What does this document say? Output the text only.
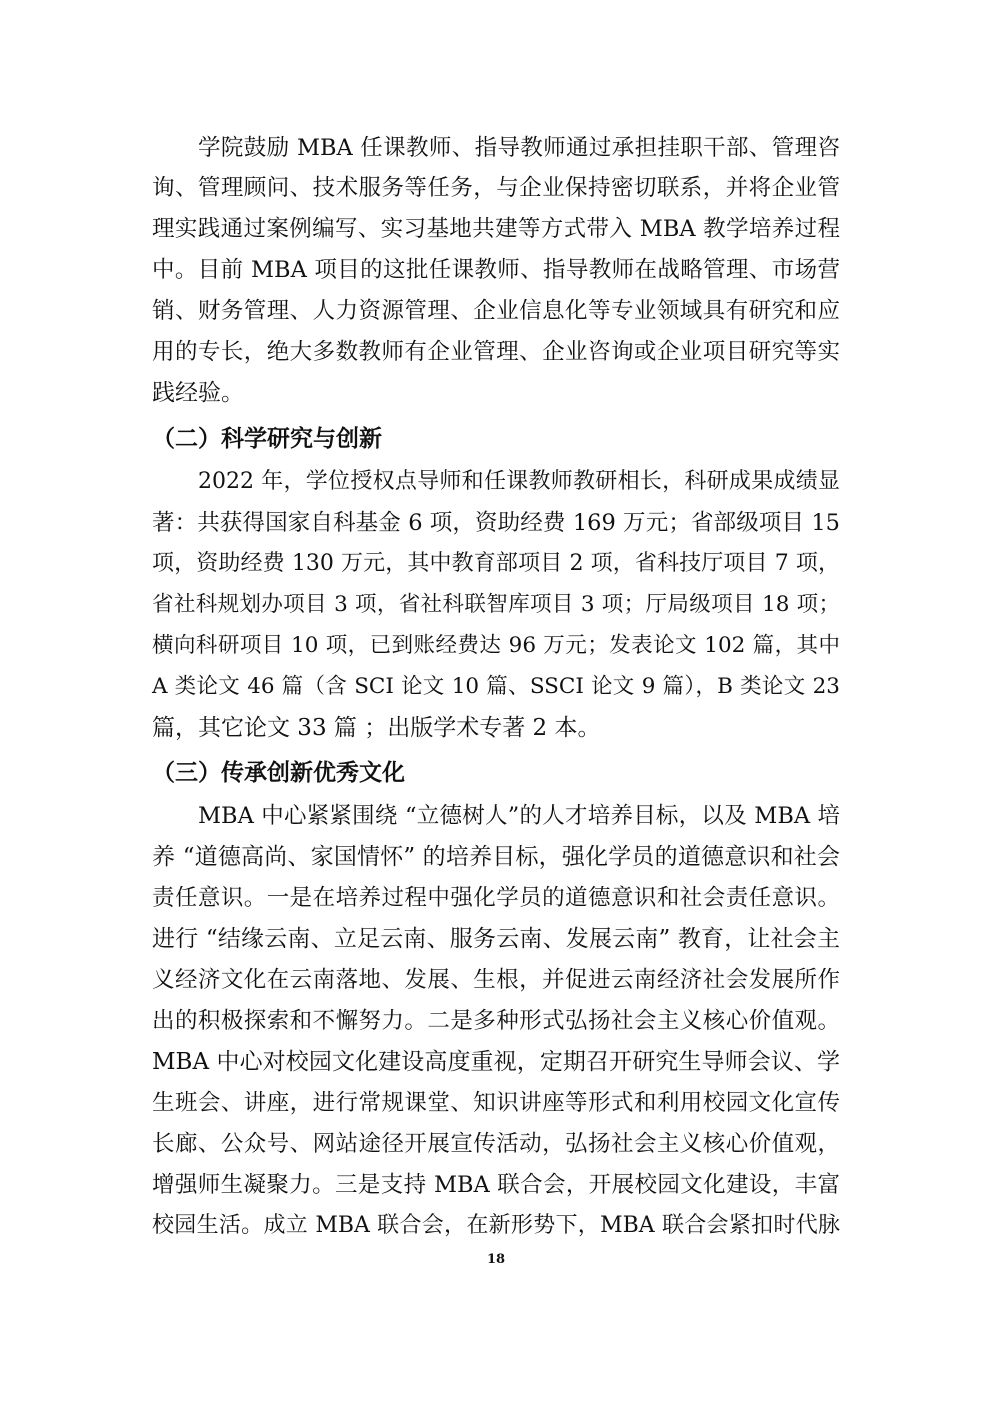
学院鼓励 MBA 任课教师、指导教师通过承担挂职干部、管理咨
询、管理顾问、技术服务等任务，与企业保持密切联系，并将企业管
理实践通过案例编写、实习基地共建等方式带入 MBA 教学培养过程
中。目前 MBA 项目的这批任课教师、指导教师在战略管理、市场营
销、财务管理、人力资源管理、企业信息化等专业领域具有研究和应
用的专长，绝大多数教师有企业管理、企业咨询或企业项目研究等实
践经验。
（二）科学研究与创新
2022 年，学位授权点导师和任课教师教研相长，科研成果成绩显
著：共获得国家自科基金 6 项，资助经费 169 万元；省部级项目 15
项，资助经费 130 万元，其中教育部项目 2 项，省科技厅项目 7 项，
省社科规划办项目 3 项，省社科联智库项目 3 项；厅局级项目 18 项；
横向科研项目 10 项，已到账经费达 96 万元；发表论文 102 篇，其中
A 类论文 46 篇（含 SCI 论文 10 篇、SSCI 论文 9 篇），B 类论文 23
篇，其它论文 33 篇 ；出版学术专著 2 本。
（三）传承创新优秀文化
MBA 中心紧紧围绕 “立德树人”的人才培养目标，以及 MBA 培
养 “道德高尚、家国情怀” 的培养目标，强化学员的道德意识和社会
责任意识。一是在培养过程中强化学员的道德意识和社会责任意识。
进行 “结缘云南、立足云南、服务云南、发展云南” 教育，让社会主
义经济文化在云南落地、发展、生根，并促进云南经济社会发展所作
出的积极探索和不懈努力。二是多种形式弘扬社会主义核心价值观。
MBA 中心对校园文化建设高度重视，定期召开研究生导师会议、学
生班会、讲座，进行常规课堂、知识讲座等形式和利用校园文化宣传
长廊、公众号、网站途径开展宣传活动，弘扬社会主义核心价值观，
增强师生凝聚力。三是支持 MBA 联合会，开展校园文化建设，丰富
校园生活。成立 MBA 联合会，在新形势下，MBA 联合会紧扣时代脉
18
